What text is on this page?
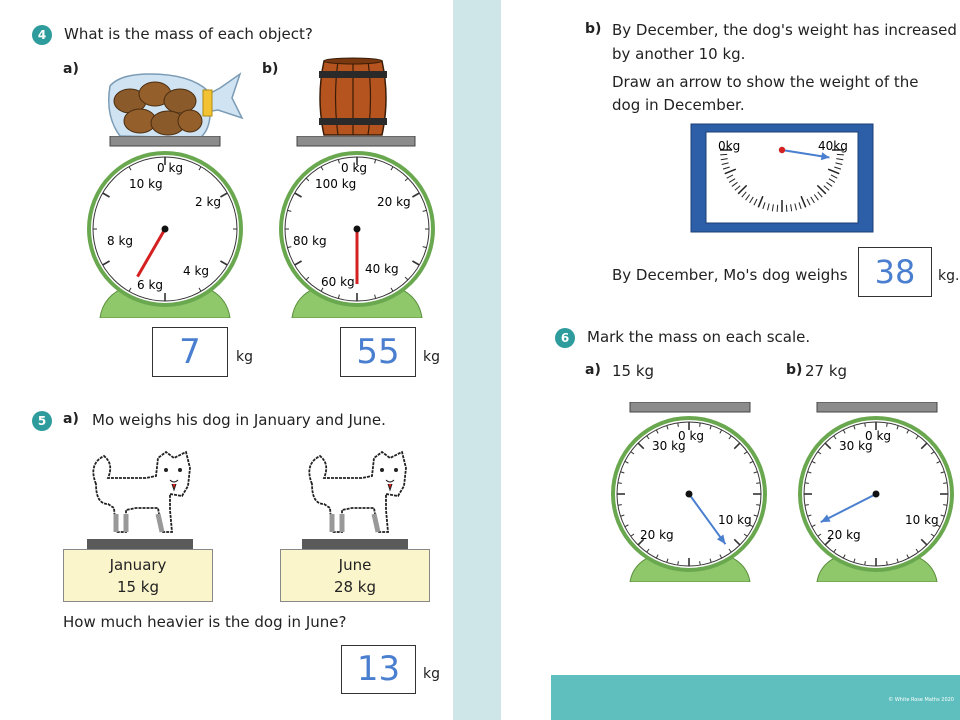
4	What is the mass of each object?
a)	b)
0 kg
10 kg
2 kg
8 kg
4 kg
6 kg
0 kg
100 kg
20 kg
80 kg
40 kg
60 kg
7	kg	55	kg
5	a) Mo weighs his dog in January and June.
January
15 kg
June
28 kg
How much heavier is the dog in June?
13	kg
b) By December, the dog's weight has increased
by another 10 kg.
Draw an arrow to show the weight of the
dog in December.
0kg	40kg
By December, Mo's dog weighs 38	kg.
6	Mark the mass on each scale.
a) 15 kg	b) 27 kg
0 kg
30 kg
10 kg
20 kg
0 kg
30 kg
10 kg
20 kg
© White Rose Maths 2020
